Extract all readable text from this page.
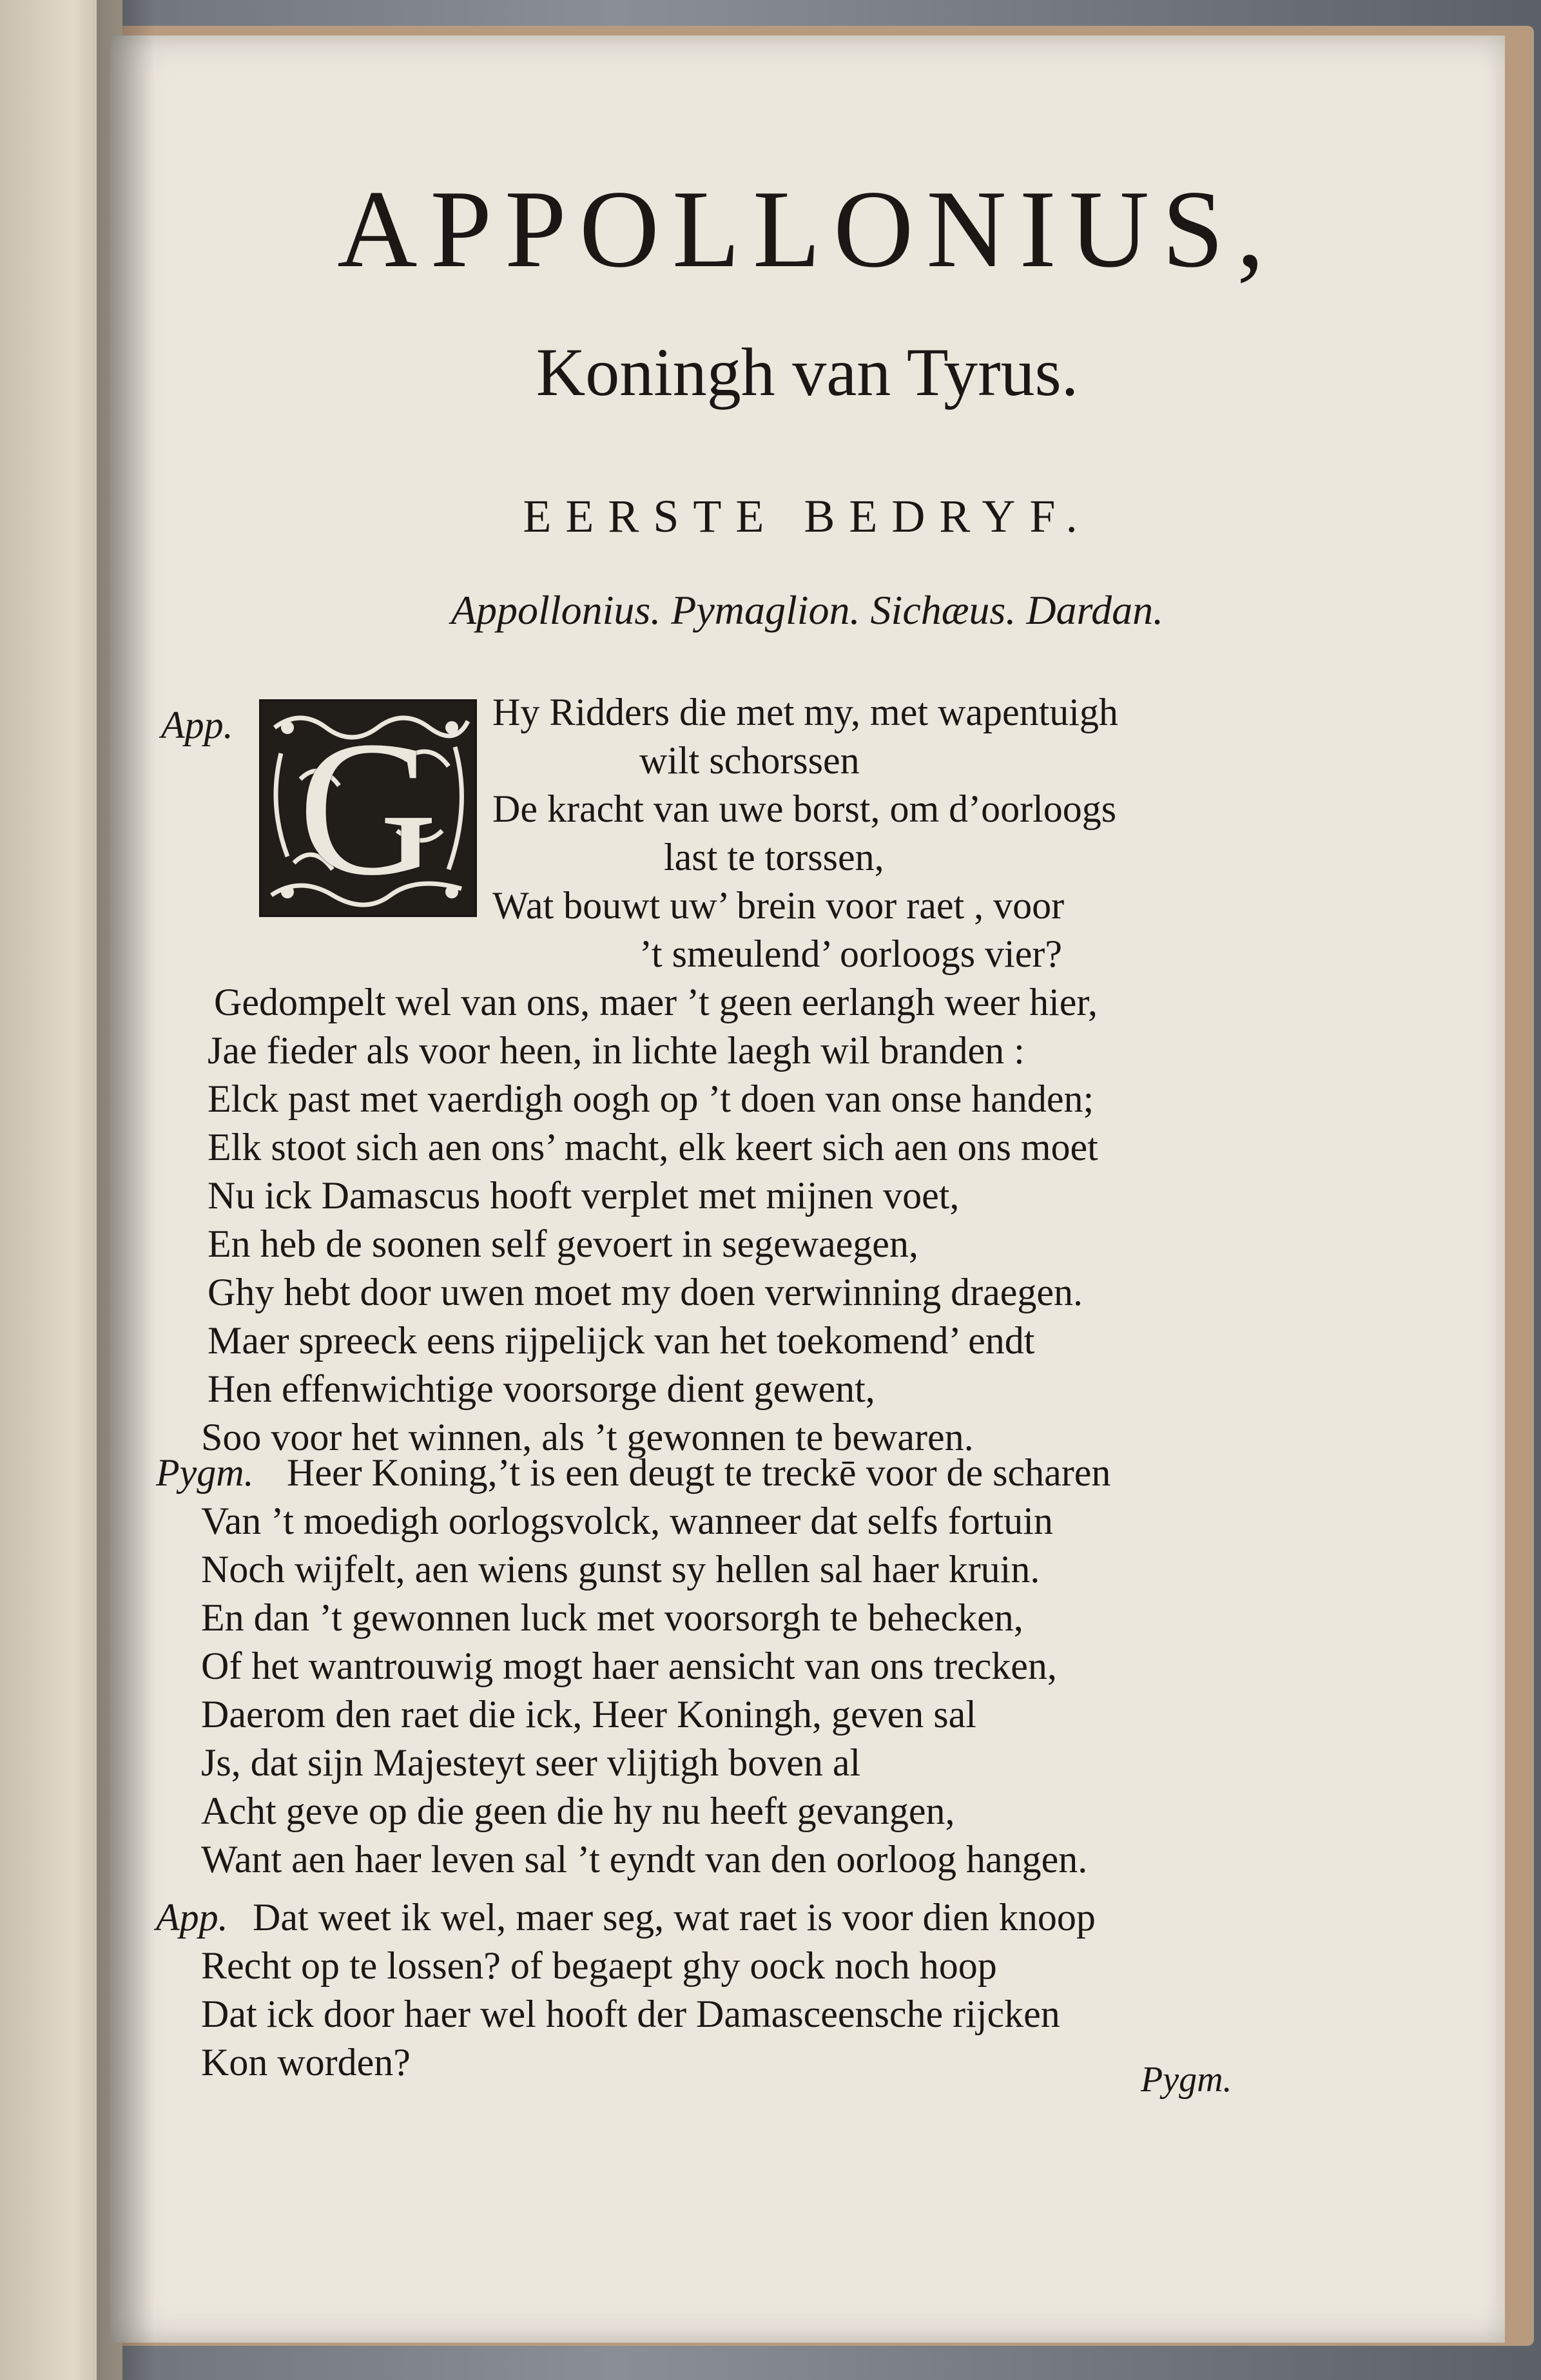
APPOLLONIUS,
Koningh van Tyrus.
EERSTE BEDRYF.
Appollonius. Pymaglion. Sichæus. Dardan.
G
App.
Pygm.
App.
Hy Ridders die met my, met wapentuigh
wilt schorssen
De kracht van uwe borst, om d’oorloogs
last te torssen,
Wat bouwt uw’ brein voor raet , voor
’t smeulend’ oorloogs vier?
Gedompelt wel van ons, maer ’t geen eerlangh weer hier,
Jae fieder als voor heen, in lichte laegh wil branden :
Elck past met vaerdigh oogh op ’t doen van onse handen;
Elk stoot sich aen ons’ macht, elk keert sich aen ons moet
Nu ick Damascus hooft verplet met mijnen voet,
En heb de soonen self gevoert in segewaegen,
Ghy hebt door uwen moet my doen verwinning draegen.
Maer spreeck eens rijpelijck van het toekomend’ endt
Hen effenwichtige voorsorge dient gewent,
Soo voor het winnen, als ’t gewonnen te bewaren.
Heer Koning,’t is een deugt te treckē voor de scharen
Van ’t moedigh oorlogsvolck, wanneer dat selfs fortuin
Noch wijfelt, aen wiens gunst sy hellen sal haer kruin.
En dan ’t gewonnen luck met voorsorgh te behecken,
Of het wantrouwig mogt haer aensicht van ons trecken,
Daerom den raet die ick, Heer Koningh, geven sal
Js, dat sijn Majesteyt seer vlijtigh boven al
Acht geve op die geen die hy nu heeft gevangen,
Want aen haer leven sal ’t eyndt van den oorloog hangen.
Dat weet ik wel, maer seg, wat raet is voor dien knoop
Recht op te lossen? of begaept ghy oock noch hoop
Dat ick door haer wel hooft der Damasceensche rijcken
Kon worden?	Pygm.
